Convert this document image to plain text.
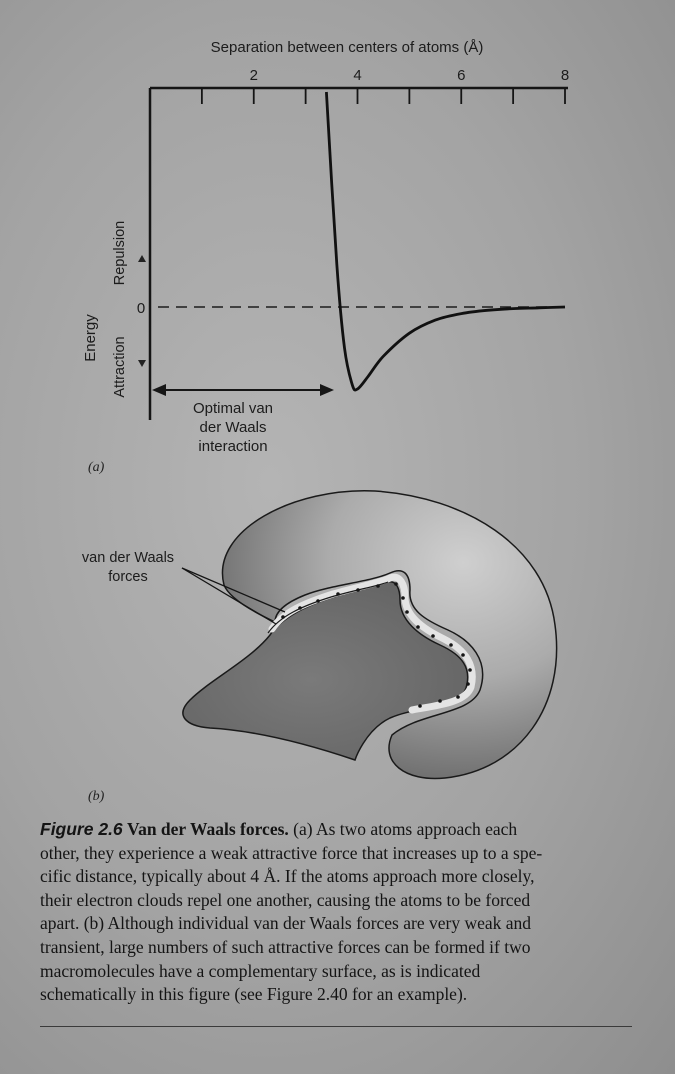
Separation between centers of atoms (Å)
2	4	6	8
0
Energy
Repulsion
Attraction
Optimal van
der Waals
interaction
(a)
van der Waals
forces
(b)
Figure 2.6 Van der Waals forces. (a) As two atoms approach each
other, they experience a weak attractive force that increases up to a spe-
cific distance, typically about 4 Å. If the atoms approach more closely,
their electron clouds repel one another, causing the atoms to be forced
apart. (b) Although individual van der Waals forces are very weak and
transient, large numbers of such attractive forces can be formed if two
macromolecules have a complementary surface, as is indicated
schematically in this figure (see Figure 2.40 for an example).
